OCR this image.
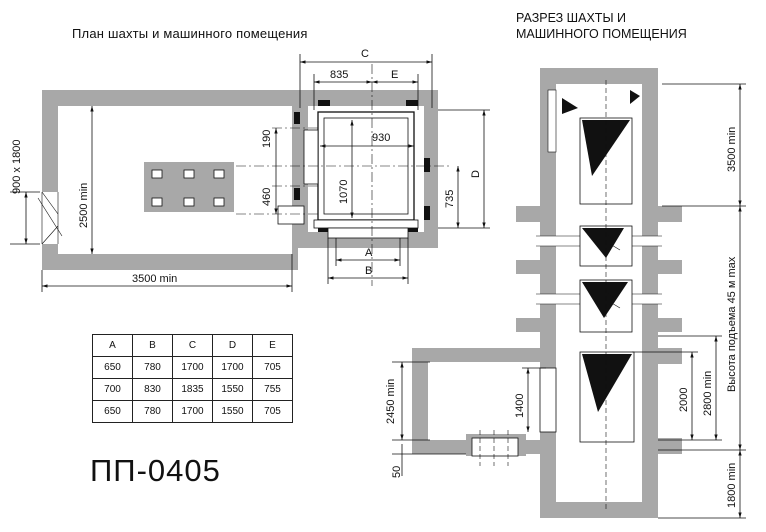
План шахты и машинного помещения
C
835	E
930
1070
190
460
D
735
A
B
2500 min
900 x 1800
3500 min
РАЗРЕЗ ШАХТЫ И
МАШИННОГО ПОМЕЩЕНИЯ
3500 min
Высота подъема 45 м max
2800 min
2000
1400
2450 min
50	1800 min
A	B	C	D	E
650	780	1700	1700	705
700	830	1835	1550	755
650	780	1700	1550	705
ПП-0405
